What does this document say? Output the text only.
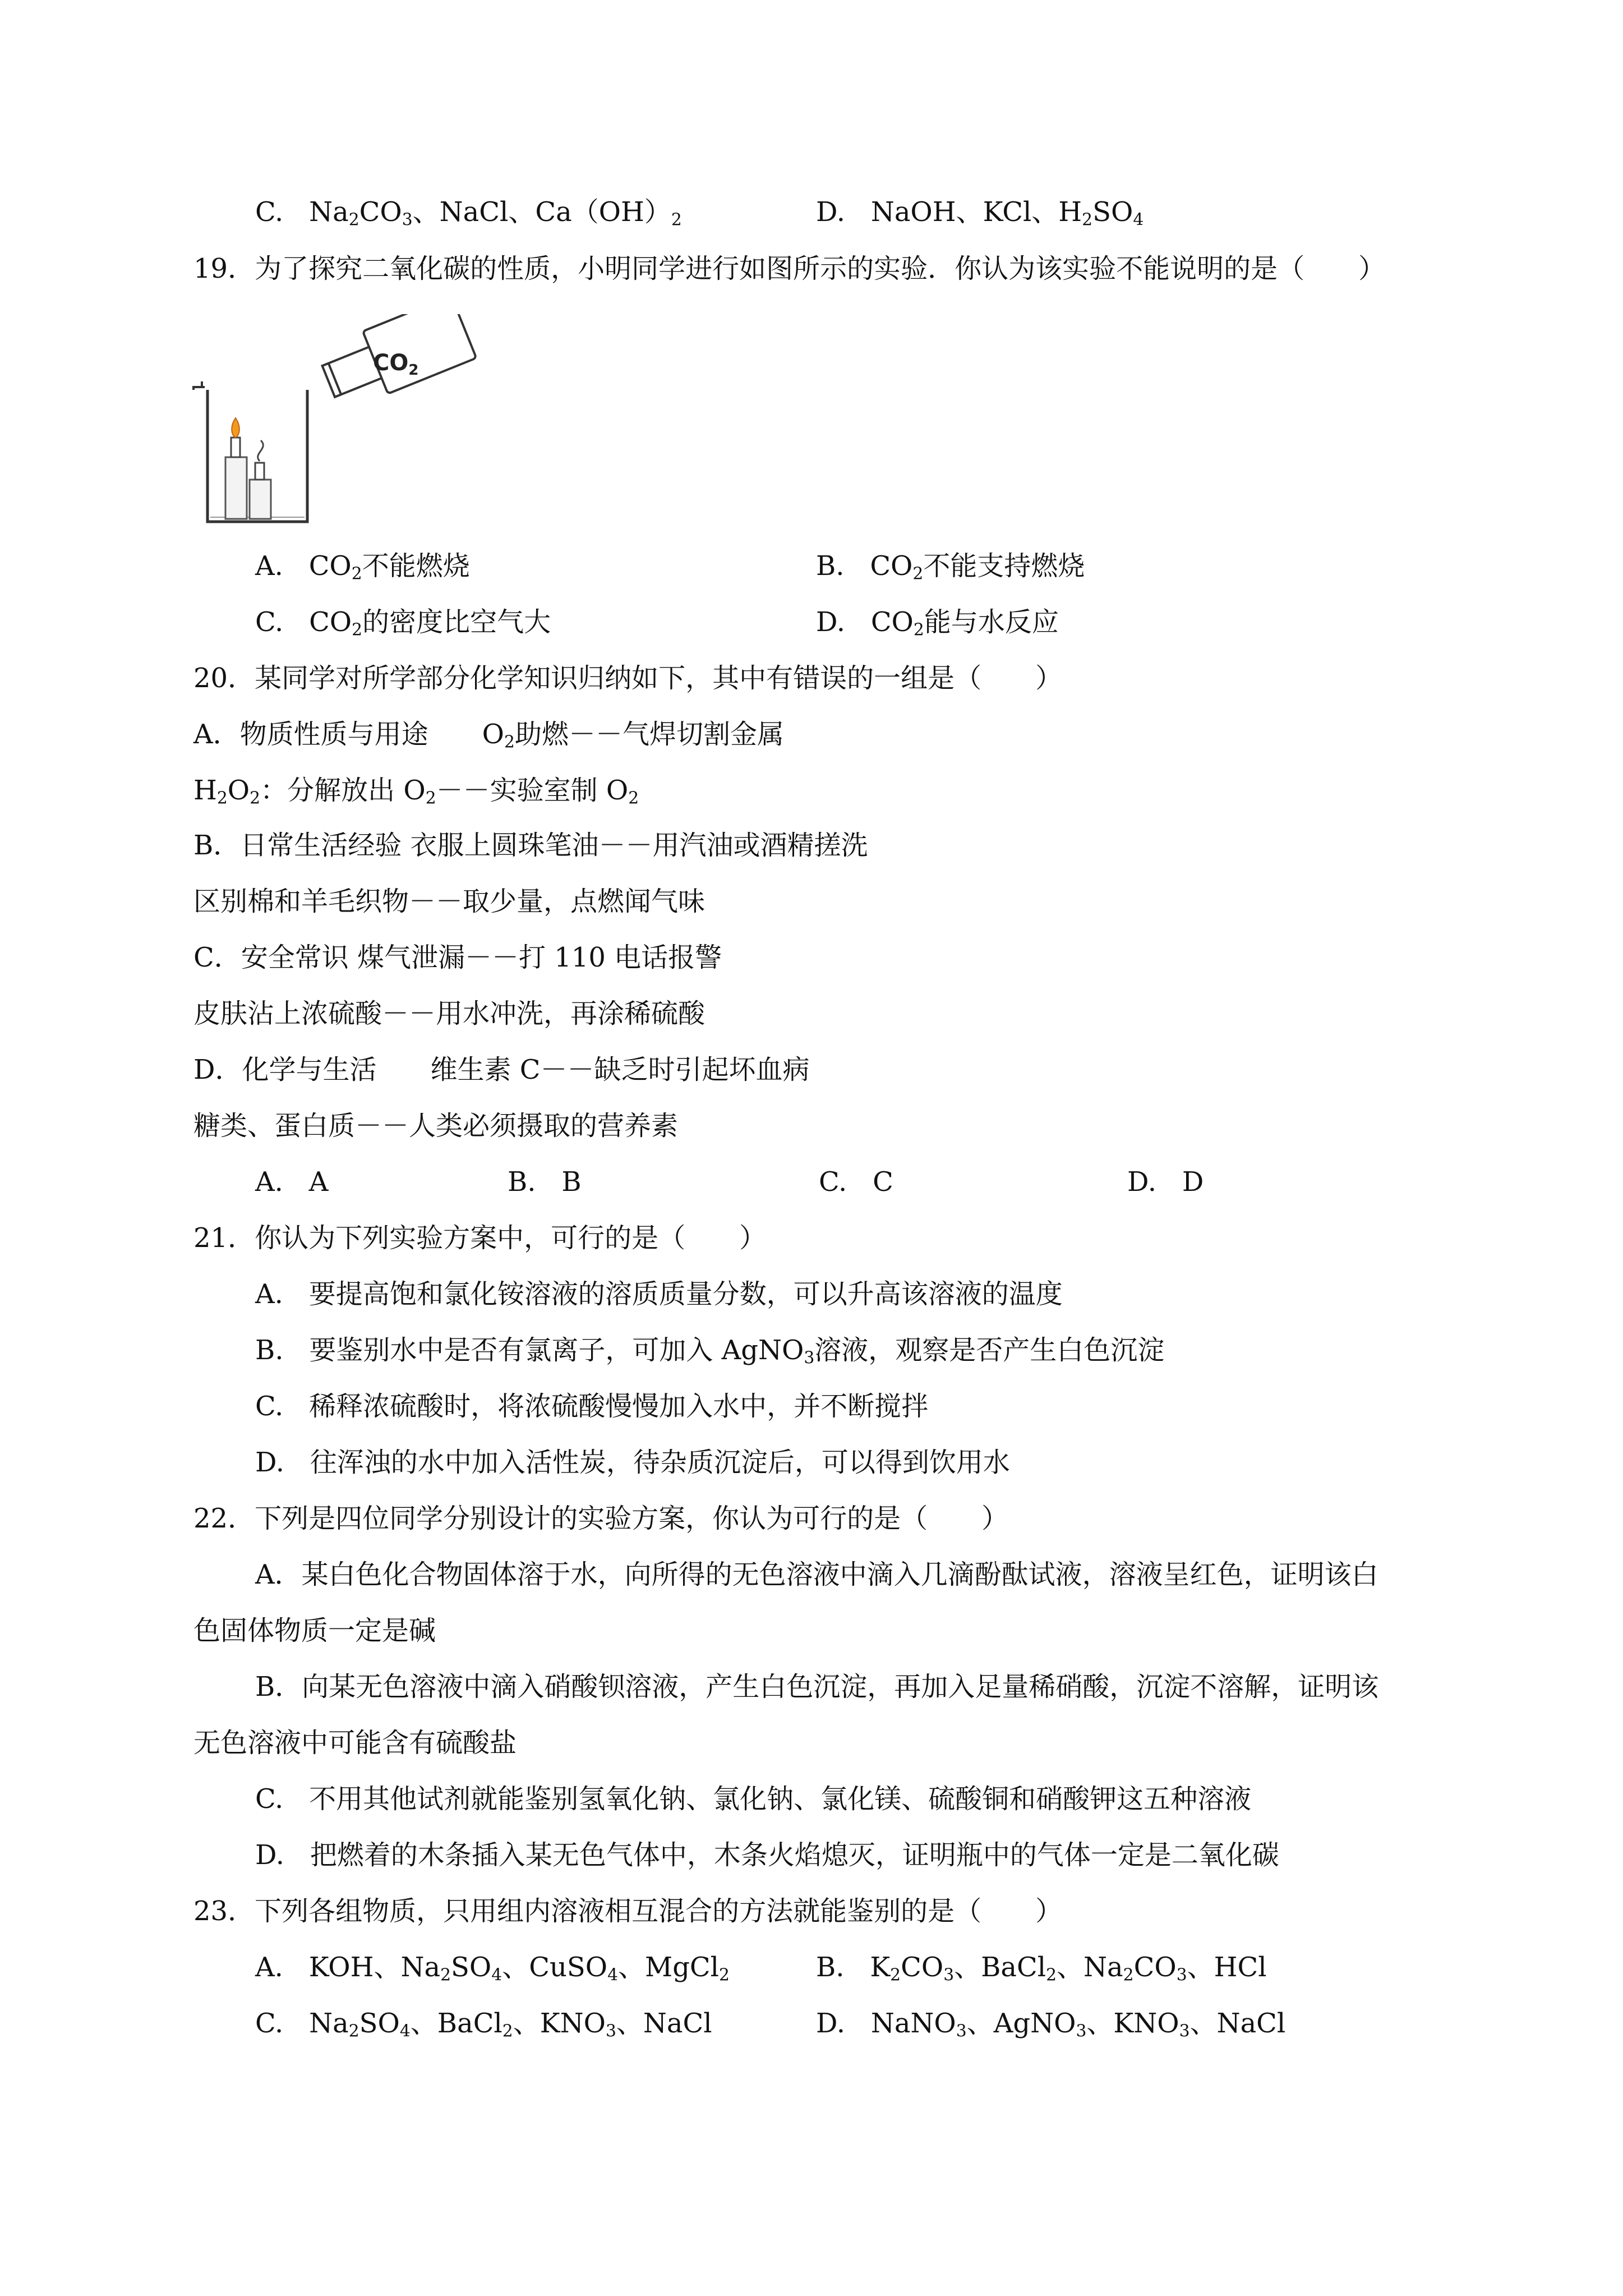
C. $Na_2CO_3$、NaCl、$Ca(OH)_2$	D. NaOH、KCl、$H_2SO_4$
19．为了探究二氧化碳的性质，小明同学进行如图所示的实验．你认为该实验不能说明的是（　　）
$CO_2$
A. $CO_2$不能燃烧	B. $CO_2$不能支持燃烧
C. $CO_2$的密度比空气大	D. $CO_2$能与水反应
20．某同学对所学部分化学知识归纳如下，其中有错误的一组是（　　）
A．物质性质与用途　　$O_2$助燃－－气焊切割金属
$H_2O_2$：分解放出 $O_2--$实验室制 $O_2$
B．日常生活经验 衣服上圆珠笔油－－用汽油或酒精搓洗
区别棉和羊毛织物－－取少量，点燃闻气味
C．安全常识 煤气泄漏－－打 110 电话报警
皮肤沾上浓硫酸－－用水冲洗，再涂稀硫酸
D．化学与生活　　维生素 C－－缺乏时引起坏血病
糖类、蛋白质－－人类必须摄取的营养素
A. A	B. B	C. C	D. D
21．你认为下列实验方案中，可行的是（　　）
A. 要提高饱和氯化铵溶液的溶质质量分数，可以升高该溶液的温度
B. 要鉴别水中是否有氯离子，可加入 AgNO$_3$溶液，观察是否产生白色沉淀
C. 稀释浓硫酸时，将浓硫酸慢慢加入水中，并不断搅拌
D. 往浑浊的水中加入活性炭，待杂质沉淀后，可以得到饮用水
22．下列是四位同学分别设计的实验方案，你认为可行的是（　　）
A．某白色化合物固体溶于水，向所得的无色溶液中滴入几滴酚酞试液，溶液呈红色，证明该白
色固体物质一定是碱
B．向某无色溶液中滴入硝酸钡溶液，产生白色沉淀，再加入足量稀硝酸，沉淀不溶解，证明该
无色溶液中可能含有硫酸盐
C. 不用其他试剂就能鉴别氢氧化钠、氯化钠、氯化镁、硫酸铜和硝酸钾这五种溶液
D. 把燃着的木条插入某无色气体中，木条火焰熄灭，证明瓶中的气体一定是二氧化碳
23．下列各组物质，只用组内溶液相互混合的方法就能鉴别的是（　　）
A. KOH、$Na_2SO_4$、CuSO$_4$、MgCl$_2$	B. $K_2CO_3$、BaCl$_2$、$Na_2CO_3$、HCl
C. $Na_2SO_4$、BaCl$_2$、$KNO_3$、NaCl	D. NaNO$_3$、AgNO$_3$、$KNO_3$、NaCl
